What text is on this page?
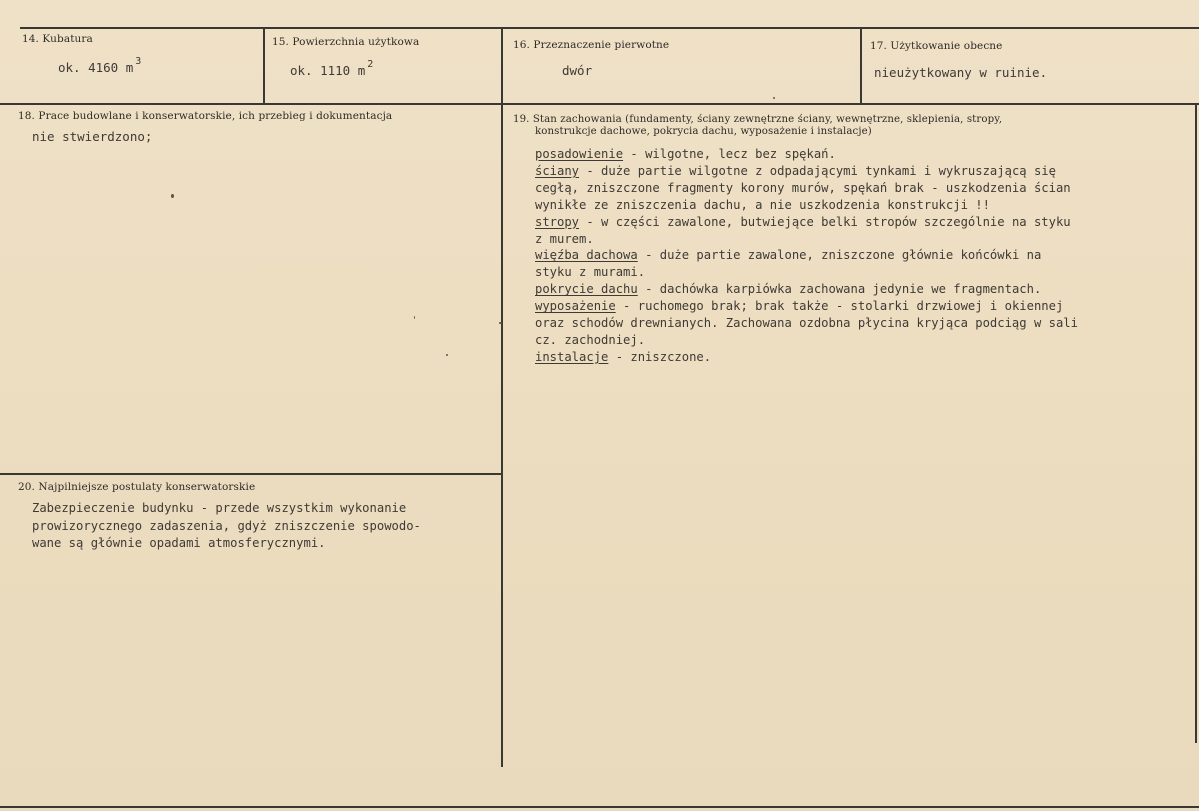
14. Kubatura
ok. 4160 m $^3$
15. Powierzchnia użytkowa
ok. 1110 m $^2$
16. Przeznaczenie pierwotne
dwór
17. Użytkowanie obecne
nieużytkowany w ruinie.
18. Prace budowlane i konserwatorskie, ich przebieg i dokumentacja
nie stwierdzono;
19. Stan zachowania (fundamenty, ściany zewnętrzne ściany, wewnętrzne, sklepienia, stropy,
konstrukcje dachowe, pokrycia dachu, wyposażenie i instalacje)
posadowienie - wilgotne, lecz bez spękań.
ściany - duże partie wilgotne z odpadającymi tynkami i wykruszającą się
cegłą, zniszczone fragmenty korony murów, spękań brak - uszkodzenia ścian
wynikłe ze zniszczenia dachu, a nie uszkodzenia konstrukcji !!
stropy - w części zawalone, butwiejące belki stropów szczególnie na styku
z murem.
więźba dachowa - duże partie zawalone, zniszczone głównie końcówki na
styku z murami.
pokrycie dachu - dachówka karpiówka zachowana jedynie we fragmentach.
wyposażenie - ruchomego brak; brak także - stolarki drzwiowej i okiennej
oraz schodów drewnianych. Zachowana ozdobna płycina kryjąca podciąg w sali
cz. zachodniej.
instalacje - zniszczone.
20. Najpilniejsze postulaty konserwatorskie
Zabezpieczenie budynku - przede wszystkim wykonanie
prowizorycznego zadaszenia, gdyż zniszczenie spowodo-
wane są głównie opadami atmosferycznymi.
